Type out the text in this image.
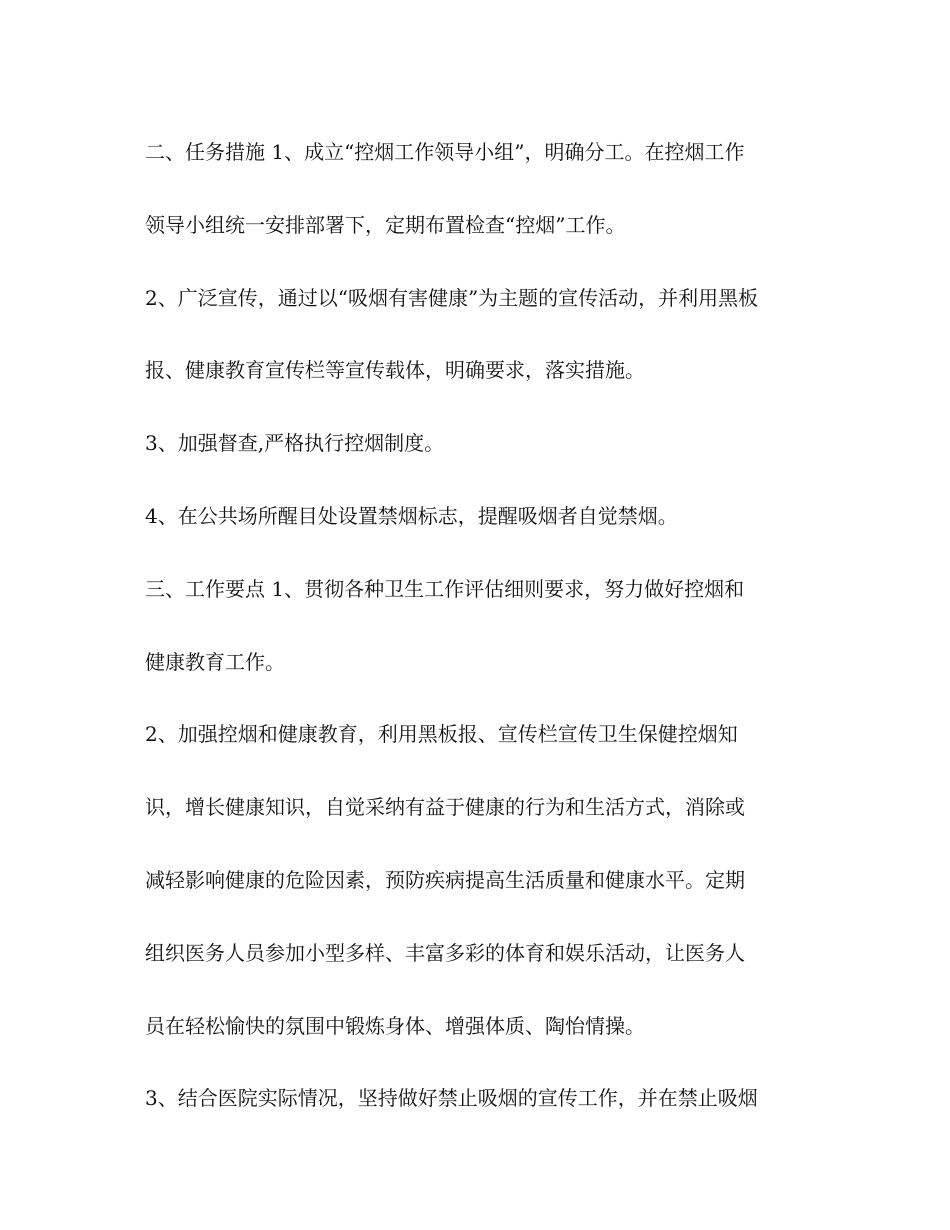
二、任务措施 1、成立“控烟工作领导小组”，明确分工。在控烟工作
领导小组统一安排部署下，定期布置检查“控烟”工作。
2、广泛宣传，通过以“吸烟有害健康”为主题的宣传活动，并利用黑板
报、健康教育宣传栏等宣传载体，明确要求，落实措施。
3、加强督查,严格执行控烟制度。
4、在公共场所醒目处设置禁烟标志，提醒吸烟者自觉禁烟。
三、工作要点 1、贯彻各种卫生工作评估细则要求，努力做好控烟和
健康教育工作。
2、加强控烟和健康教育，利用黑板报、宣传栏宣传卫生保健控烟知
识，增长健康知识，自觉采纳有益于健康的行为和生活方式，消除或
减轻影响健康的危险因素，预防疾病提高生活质量和健康水平。定期
组织医务人员参加小型多样、丰富多彩的体育和娱乐活动，让医务人
员在轻松愉快的氛围中锻炼身体、增强体质、陶怡情操。
3、结合医院实际情况，坚持做好禁止吸烟的宣传工作，并在禁止吸烟
